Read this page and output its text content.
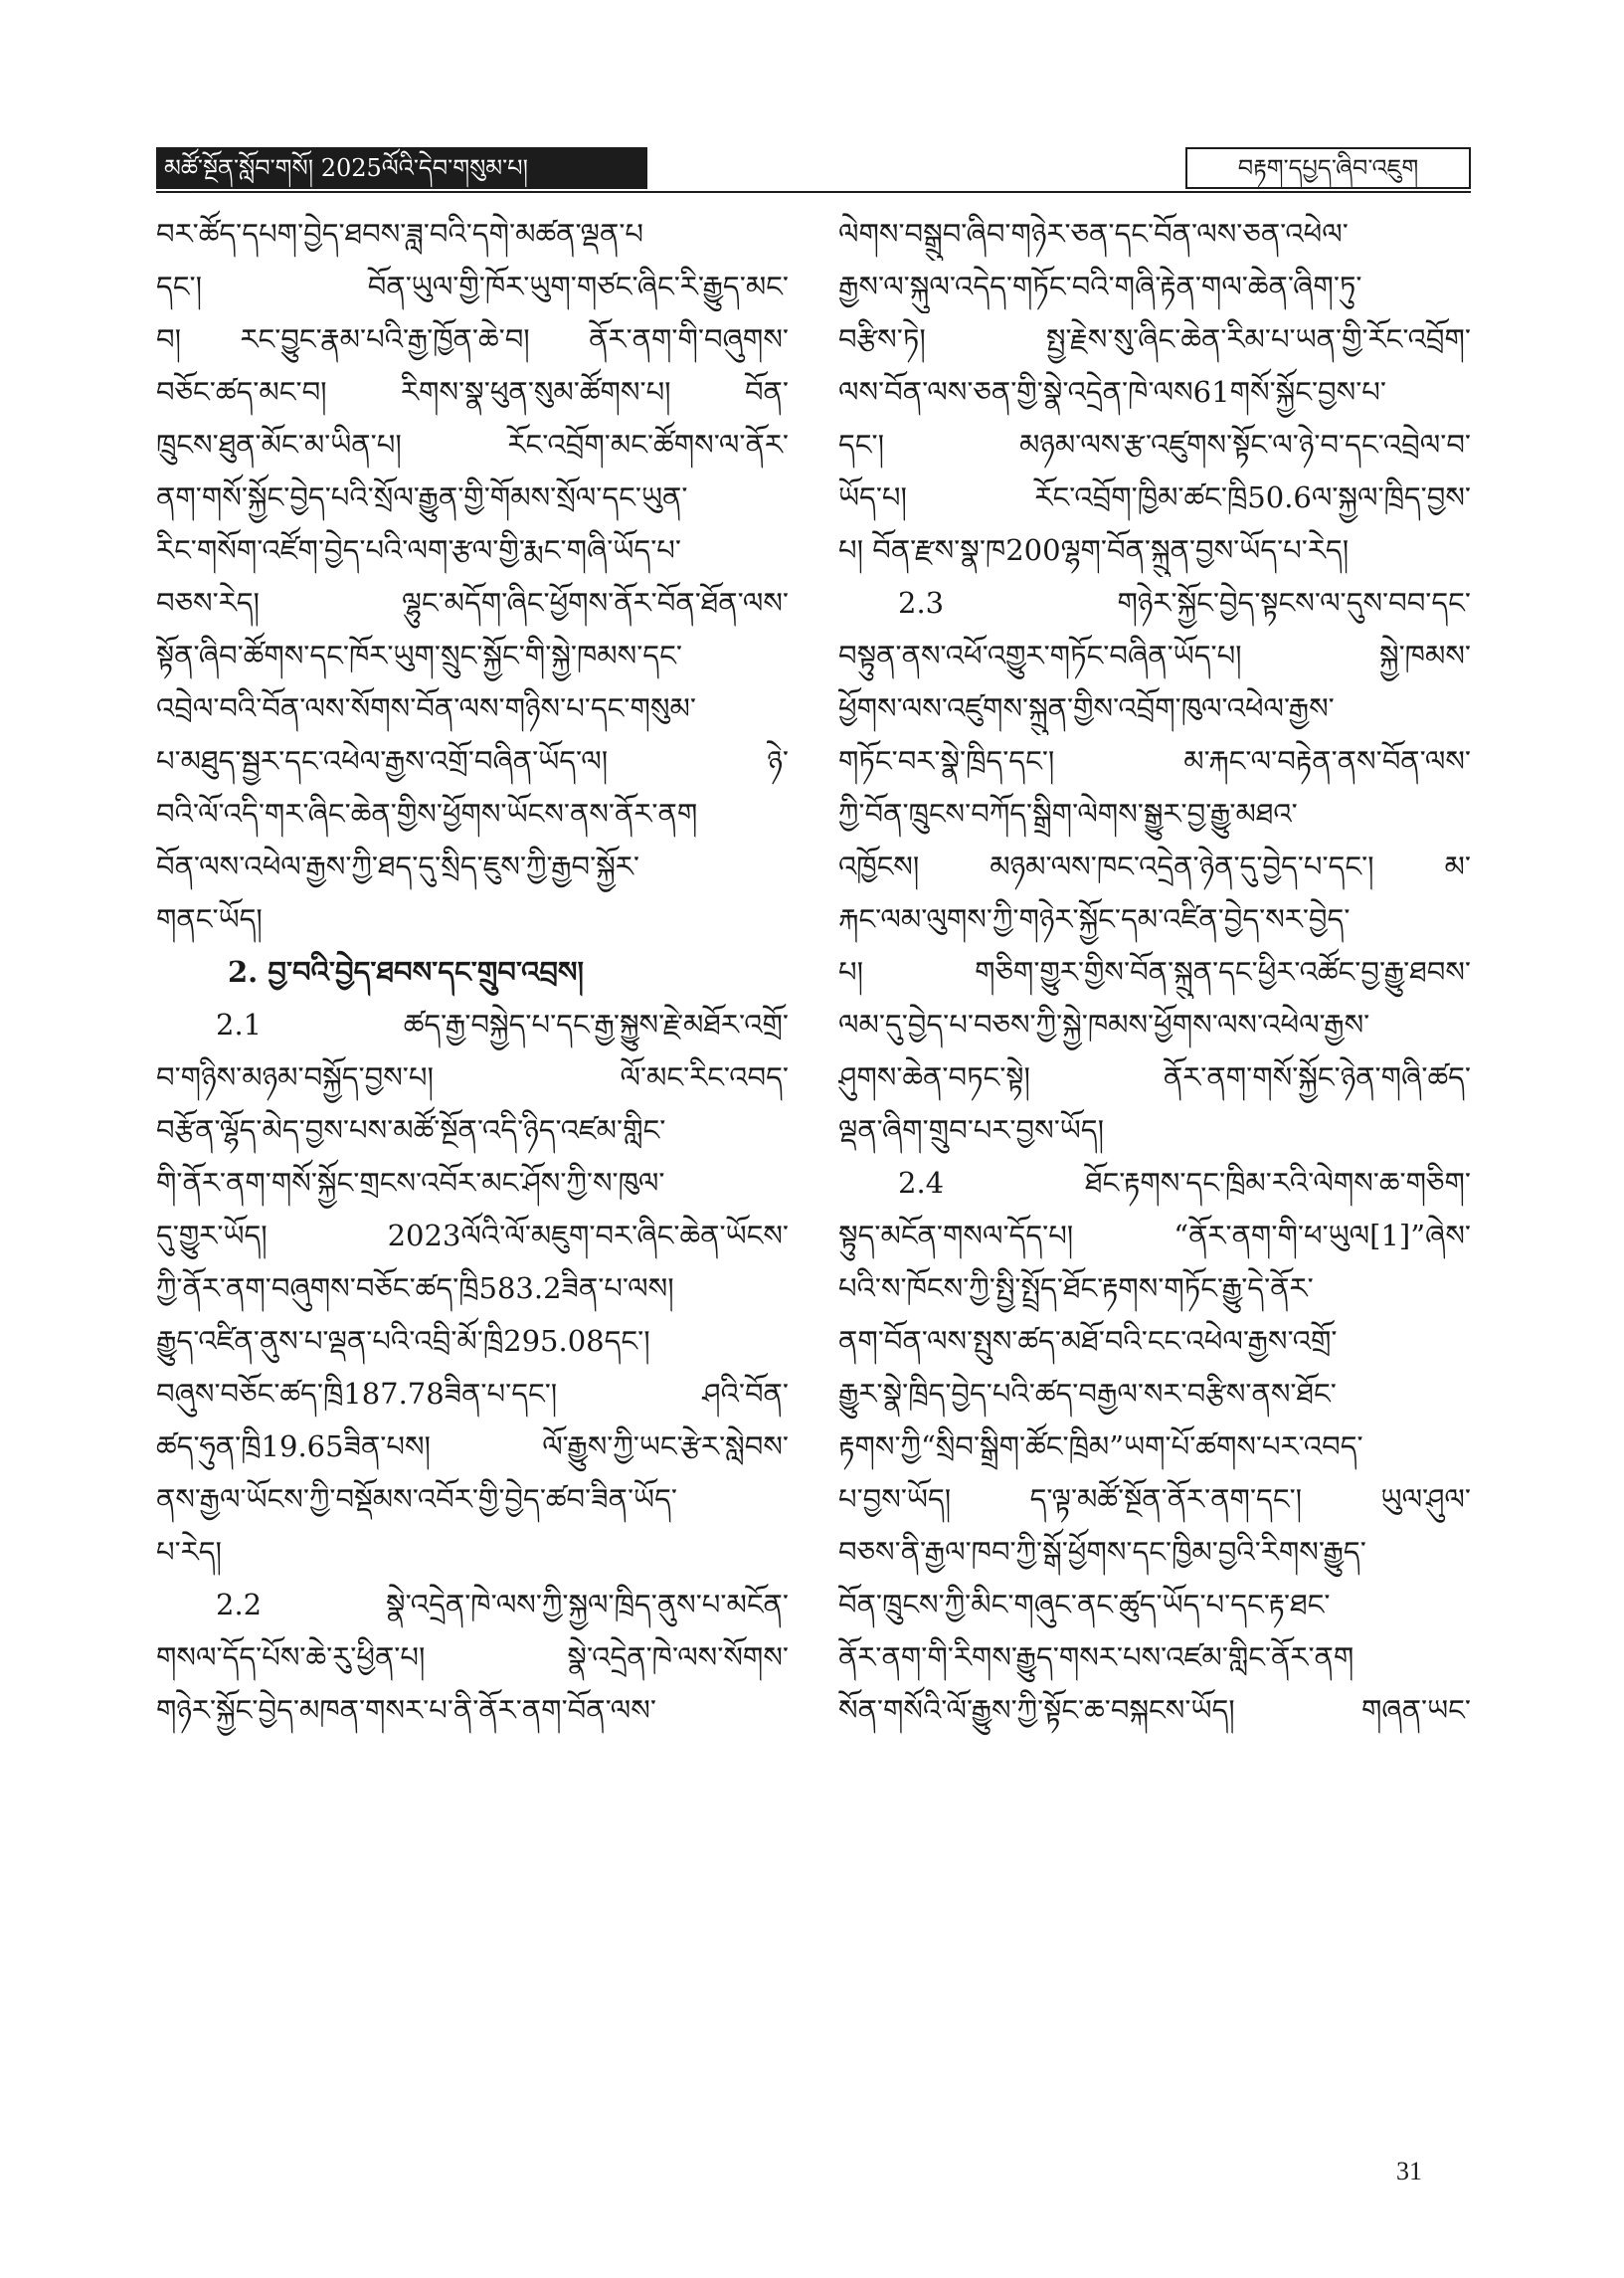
མཚོ་སྔོན་སློབ་གསོ། 2025ལོའི་དེབ་གསུམ་པ།	བརྟག་དཔྱད་ཞིབ་འཇུག
བར་ཚོད་དཔག་བྱེད་ཐབས་ཟླ་བའི་དགེ་མཚན་ལྡན་པ
དང་། བོན་ཡུལ་གྱི་ཁོར་ཡུག་གཙང་ཞིང་རི་རྒྱུད་མང་
བ། རང་བྱུང་རྣམ་པའི་རྒྱ་ཁྱོན་ཆེ་བ། ནོར་ནག་གི་བཞུགས་
བཅོང་ཚད་མང་བ། རིགས་སྣ་ཕུན་སུམ་ཚོགས་པ། བོན་
ཁྲུངས་ཐུན་མོང་མ་ཡིན་པ། རོང་འབྲོག་མང་ཚོགས་ལ་ནོར་
ནག་གསོ་སྐྱོང་བྱེད་པའི་སྲོལ་རྒྱུན་གྱི་གོམས་སྲོལ་དང་ཡུན་
རིང་གསོག་འཛོག་བྱེད་པའི་ལག་རྩལ་གྱི་རྨང་གཞི་ཡོད་པ་
བཅས་རེད། ལྷུང་མདོག་ཞིང་ཕྱོགས་ནོར་བོན་ཐོན་ལས་
སྟོན་ཞིབ་ཚོགས་དང་ཁོར་ཡུག་སྲུང་སྐྱོང་གི་སྐྱེ་ཁམས་དང་
འབྲེལ་བའི་བོན་ལས་སོགས་བོན་ལས་གཉིས་པ་དང་གསུམ་
པ་མཐུད་སྦྱར་དང་འཕེལ་རྒྱས་འགྲོ་བཞིན་ཡོད་ལ། ཉེ་
བའི་ལོ་འདི་གར་ཞིང་ཆེན་གྱིས་ཕྱོགས་ཡོངས་ནས་ནོར་ནག
བོན་ལས་འཕེལ་རྒྱས་ཀྱི་ཐད་དུ་སྲིད་ཇུས་ཀྱི་རྒྱབ་སྐྱོར་
གནང་ཡོད།
2. བྱ་བའི་བྱེད་ཐབས་དང་གྲུབ་འབྲས།
2.1 ཚད་རྒྱ་བསྐྱེད་པ་དང་རྒྱ་སྐྱུས་རྗེ་མཐོར་འགྲོ་
བ་གཉིས་མཉམ་བསྐྱོད་བྱས་པ། ལོ་མང་རིང་འབད་
བརྩོན་ལྷོད་མེད་བྱས་པས་མཚོ་སྔོན་འདི་ཉིད་འཛམ་གླིང་
གི་ནོར་ནག་གསོ་སྐྱོང་གྲངས་འབོར་མང་ཤོས་ཀྱི་ས་ཁུལ་
དུ་གྱུར་ཡོད། 2023ལོའི་ལོ་མཇུག་བར་ཞིང་ཆེན་ཡོངས་
ཀྱི་ནོར་ནག་བཞུགས་བཅོང་ཚད་ཁྲི583.2ཟིན་པ་ལས།
རྒྱུད་འཛིན་ནུས་པ་ལྡན་པའི་འབྲི་མོ་ཁྲི295.08དང་།
བཞུས་བཅོང་ཚད་ཁྲི187.78ཟིན་པ་དང་། ཤའི་བོན་
ཚད་ཧུན་ཁྲི19.65ཟིན་པས། ལོ་རྒྱུས་ཀྱི་ཡང་རྩེར་སླེབས་
ནས་རྒྱལ་ཡོངས་ཀྱི་བསྡོམས་འབོར་གྱི་བྱེད་ཚབ་ཟིན་ཡོད་
པ་རེད།
2.2 སྣེ་འདྲེན་ཁེ་ལས་ཀྱི་སྐྱལ་ཁྲིད་ནུས་པ་མངོན་
གསལ་དོད་པོས་ཆེ་རུ་ཕྱིན་པ། སྣེ་འདྲེན་ཁེ་ལས་སོགས་
གཉེར་སྐྱོང་བྱེད་མཁན་གསར་པ་ནི་ནོར་ནག་བོན་ལས་
ལེགས་བསྒྲུབ་ཞིབ་གཉེར་ཅན་དང་བོན་ལས་ཅན་འཕེལ་
རྒྱས་ལ་སྐུལ་འདེད་གཏོང་བའི་གཞི་རྟེན་གལ་ཆེན་ཞིག་ཏུ་
བརྩིས་ཏེ། སྤྱ་རྗེས་སུ་ཞིང་ཆེན་རིམ་པ་ཡན་གྱི་རོང་འབྲོག་
ལས་བོན་ལས་ཅན་གྱི་སྣེ་འདྲེན་ཁེ་ལས61གསོ་སྐྱོང་བྱས་པ་
དང་། མཉམ་ལས་རྩ་འཛུགས་སྟོང་ལ་ཉེ་བ་དང་འབྲེལ་བ་
ཡོད་པ། རོང་འབྲོག་ཁྱིམ་ཚང་ཁྲི50.6ལ་སྐྱལ་ཁྲིད་བྱས་
པ། བོན་རྫས་སྣ་ཁ200ལྷག་བོན་སྐྲུན་བྱས་ཡོད་པ་རེད།
2.3 གཉེར་སྐྱོང་བྱེད་སྟངས་ལ་དུས་བབ་དང་
བསྟུན་ནས་འཕོ་འགྱུར་གཏོང་བཞིན་ཡོད་པ། སྐྱེ་ཁམས་
ཕྱོགས་ལས་འཛུགས་སྐྲུན་གྱིས་འབྲོག་ཁུལ་འཕེལ་རྒྱས་
གཏོང་བར་སྣེ་ཁྲིད་དང་། མ་རྐང་ལ་བརྟེན་ནས་བོན་ལས་
ཀྱི་བོན་ཁྲུངས་བཀོད་སྒྲིག་ལེགས་སྒྱུར་བྱ་རྒྱུ་མཐའ་
འཁྱོངས། མཉམ་ལས་ཁང་འདྲེན་ཉེན་དུ་བྱེད་པ་དང་། མ་
རྐང་ལམ་ལུགས་ཀྱི་གཉེར་སྐྱོང་དམ་འཛིན་བྱེད་སར་བྱེད་
པ། གཅིག་གྱུར་གྱིས་བོན་སྐྲུན་དང་ཕྱིར་འཚོང་བྱ་རྒྱུ་ཐབས་
ལམ་དུ་བྱེད་པ་བཅས་ཀྱི་སྐྱེ་ཁམས་ཕྱོགས་ལས་འཕེལ་རྒྱས་
ཤུགས་ཆེན་བཏང་སྟེ། ནོར་ནག་གསོ་སྐྱོང་ཉེན་གཞི་ཚད་
ལྡན་ཞིག་གྲུབ་པར་བྱས་ཡོད།
2.4 ཐོང་རྟགས་དང་ཁྲིམ་རའི་ལེགས་ཆ་གཅིག་
སྟུད་མངོན་གསལ་དོད་པ། “ནོར་ནག་གི་ཕ་ཡུལ[1]”ཞེས་
པའི་ས་ཁོངས་ཀྱི་སྤྱི་སྤྲོད་ཐོང་རྟགས་གཏོང་རྒྱུ་དེ་ནོར་
ནག་བོན་ལས་སྤུས་ཚད་མཐོ་བའི་ངང་འཕེལ་རྒྱས་འགྲོ་
རྒྱུར་སྣེ་ཁྲིད་བྱེད་པའི་ཚད་བརྒྱལ་སར་བརྩིས་ནས་ཐོང་
རྟགས་ཀྱི“སྲིབ་སྒྲིག་ཚོང་ཁྲིམ”ཡག་པོ་ཚགས་པར་འབད་
པ་བྱས་ཡོད། ད་ལྟ་མཚོ་སྔོན་ནོར་ནག་དང་། ཡུལ་ཤུལ་
བཅས་ནི་རྒྱལ་ཁབ་ཀྱི་སྒོ་ཕྱོགས་དང་ཁྱིམ་བྱའི་རིགས་རྒྱུད་
བོན་ཁྲུངས་ཀྱི་མིང་གཞུང་ནང་ཚུད་ཡོད་པ་དང་རྟ་ཐང་
ནོར་ནག་གི་རིགས་རྒྱུད་གསར་པས་འཛམ་གླིང་ནོར་ནག
སོན་གསོའི་ལོ་རྒྱུས་ཀྱི་སྟོང་ཆ་བསྐངས་ཡོད། གཞན་ཡང་
31
